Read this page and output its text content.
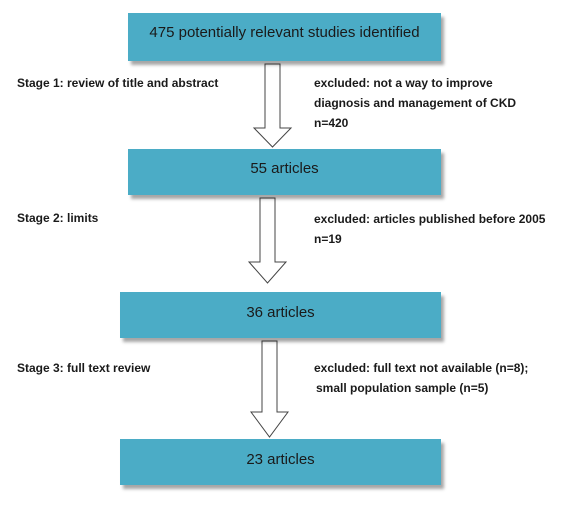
475 potentially relevant studies identified
55 articles
36 articles
23 articles
Stage 1: review of title and abstract
Stage 2: limits
Stage 3: full text review
excluded: not a way to improve
diagnosis and management of CKD
n=420
excluded: articles published before 2005
n=19
excluded: full text not available (n=8);
small population sample (n=5)
